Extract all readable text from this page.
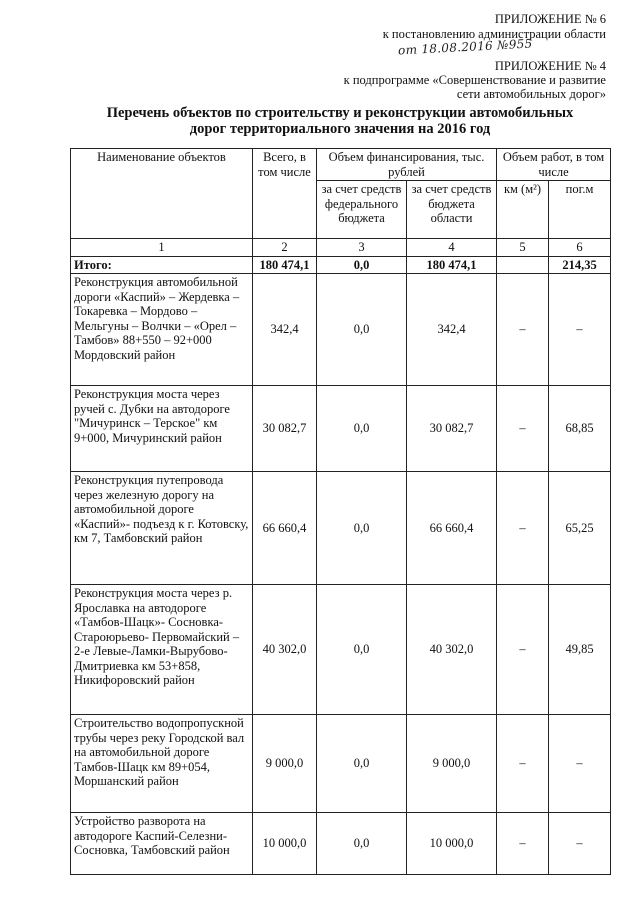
ПРИЛОЖЕНИЕ № 6
к постановлению администрации области
от 18.08.2016 №955
ПРИЛОЖЕНИЕ № 4
к подпрограмме «Совершенствование и развитие
сети автомобильных дорог»
Перечень объектов по строительству и реконструкции автомобильных
дорог территориального значения на 2016 год
Наименование объектов	Всего, в том числе	Объем финансирования, тыс. рублей		Объем работ, в том числе	
		за счет средств федерального бюджета	за счет средств бюджета области	км (м²)	пог.м
1	2	3	4	5	6
Итого:	180 474,1	0,0	180 474,1		214,35
Реконструкция автомобильной дороги «Каспий» – Жердевка – Токаревка – Мордово – Мельгуны – Волчки – «Орел – Тамбов» 88+550 – 92+000 Мордовский район	342,4	0,0	342,4	–	–
Реконструкция моста через ручей с. Дубки на автодороге "Мичуринск – Терское" км 9+000, Мичуринский район	30 082,7	0,0	30 082,7	–	68,85
Реконструкция путепровода через железную дорогу на автомобильной дороге «Каспий»- подъезд к г. Котовску, км 7, Тамбовский район	66 660,4	0,0	66 660,4	–	65,25
Реконструкция моста через р. Ярославка на автодороге «Тамбов-Шацк»- Сосновка-Староюрьево- Первомайский – 2-е Левые-Ламки-Вырубово- Дмитриевка км 53+858, Никифоровский район	40 302,0	0,0	40 302,0	–	49,85
Строительство водопропускной трубы через реку Городской вал на автомобильной дороге Тамбов-Шацк км 89+054, Моршанский район	9 000,0	0,0	9 000,0	–	–
Устройство разворота на автодороге Каспий-Селезни-Сосновка, Тамбовский район	10 000,0	0,0	10 000,0	–	–
